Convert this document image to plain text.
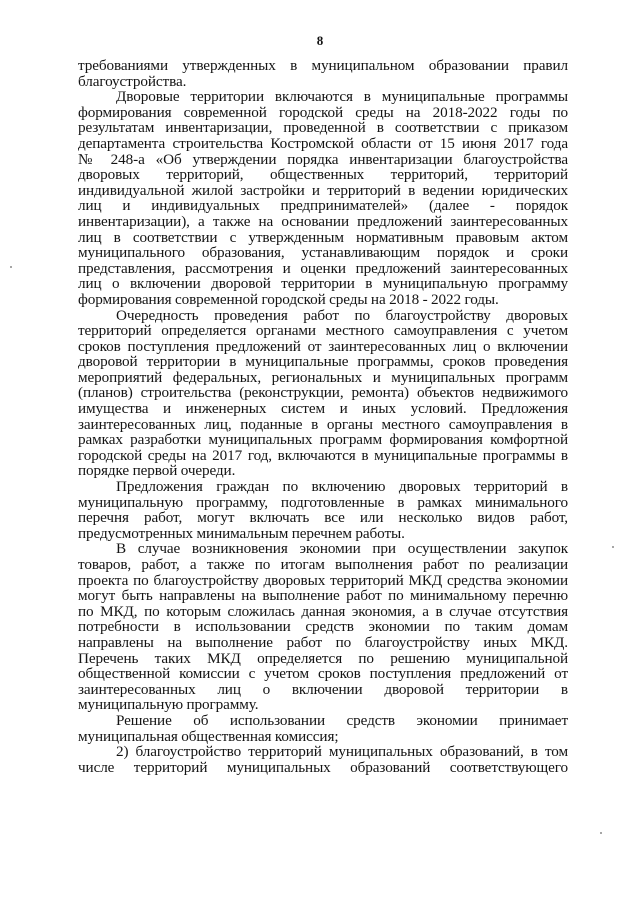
8
требованиями утвержденных в муниципальном образовании правил
благоустройства.
Дворовые территории включаются в муниципальные программы
формирования современной городской среды на 2018-2022 годы по
результатам инвентаризации, проведенной в соответствии с приказом
департамента строительства Костромской области от 15 июня 2017 года
№ 248-а «Об утверждении порядка инвентаризации благоустройства
дворовых территорий, общественных территорий, территорий
индивидуальной жилой застройки и территорий в ведении юридических
лиц и индивидуальных предпринимателей» (далее - порядок
инвентаризации), а также на основании предложений заинтересованных
лиц в соответствии с утвержденным нормативным правовым актом
муниципального образования, устанавливающим порядок и сроки
представления, рассмотрения и оценки предложений заинтересованных
лиц о включении дворовой территории в муниципальную программу
формирования современной городской среды на 2018 - 2022 годы.
Очередность проведения работ по благоустройству дворовых
территорий определяется органами местного самоуправления с учетом
сроков поступления предложений от заинтересованных лиц о включении
дворовой территории в муниципальные программы, сроков проведения
мероприятий федеральных, региональных и муниципальных программ
(планов) строительства (реконструкции, ремонта) объектов недвижимого
имущества и инженерных систем и иных условий. Предложения
заинтересованных лиц, поданные в органы местного самоуправления в
рамках разработки муниципальных программ формирования комфортной
городской среды на 2017 год, включаются в муниципальные программы в
порядке первой очереди.
Предложения граждан по включению дворовых территорий в
муниципальную программу, подготовленные в рамках минимального
перечня работ, могут включать все или несколько видов работ,
предусмотренных минимальным перечнем работы.
В случае возникновения экономии при осуществлении закупок
товаров, работ, а также по итогам выполнения работ по реализации
проекта по благоустройству дворовых территорий МКД средства экономии
могут быть направлены на выполнение работ по минимальному перечню
по МКД, по которым сложилась данная экономия, а в случае отсутствия
потребности в использовании средств экономии по таким домам
направлены на выполнение работ по благоустройству иных МКД.
Перечень таких МКД определяется по решению муниципальной
общественной комиссии с учетом сроков поступления предложений от
заинтересованных лиц о включении дворовой территории в
муниципальную программу.
Решение об использовании средств экономии принимает
муниципальная общественная комиссия;
2) благоустройство территорий муниципальных образований, в том
числе территорий муниципальных образований соответствующего
